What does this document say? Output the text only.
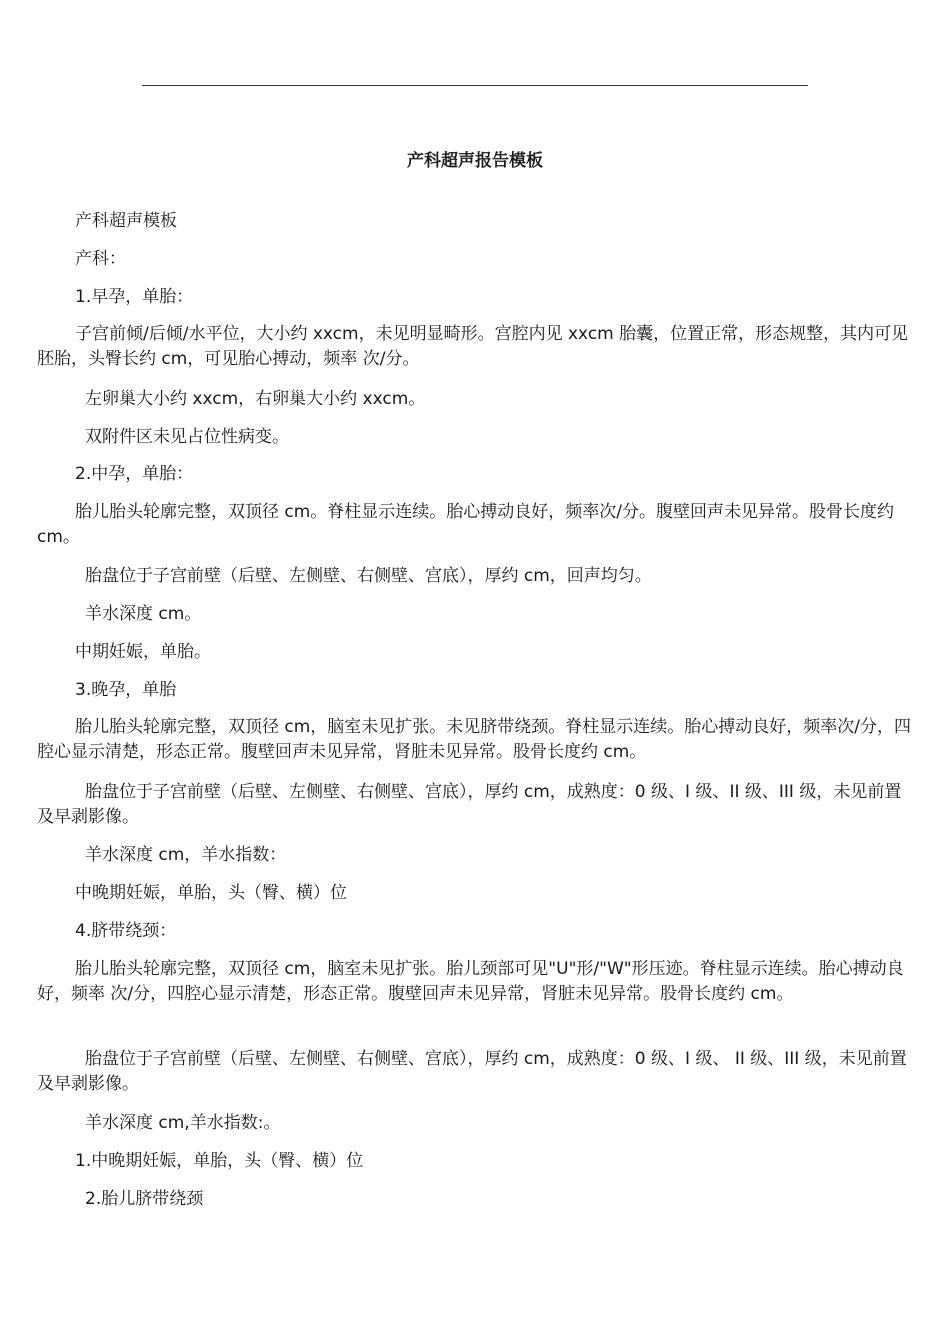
产科超声报告模板

产科超声模板

产科：

1.早孕，单胎：

子宫前倾/后倾/水平位，大小约 xxcm，未见明显畸形。宫腔内见 xxcm 胎囊，位置正常，形态规整，其内可见胚胎，头臀长约 cm，可见胎心搏动，频率 次/分。

左卵巢大小约 xxcm，右卵巢大小约 xxcm。

双附件区未见占位性病变。

2.中孕，单胎：

胎儿胎头轮廓完整，双顶径 cm。脊柱显示连续。胎心搏动良好，频率次/分。腹壁回声未见异常。股骨长度约 cm。

胎盘位于子宫前壁（后壁、左侧壁、右侧壁、宫底），厚约 cm，回声均匀。

羊水深度 cm。

中期妊娠，单胎。

3.晚孕，单胎

胎儿胎头轮廓完整，双顶径 cm，脑室未见扩张。未见脐带绕颈。脊柱显示连续。胎心搏动良好，频率次/分，四腔心显示清楚，形态正常。腹壁回声未见异常，肾脏未见异常。股骨长度约 cm。

胎盘位于子宫前壁（后壁、左侧壁、右侧壁、宫底），厚约 cm，成熟度：0 级、I 级、II 级、III 级，未见前置及早剥影像。

羊水深度 cm，羊水指数：

中晚期妊娠，单胎，头（臀、横）位

4.脐带绕颈：

胎儿胎头轮廓完整，双顶径 cm，脑室未见扩张。胎儿颈部可见"U"形/"W"形压迹。脊柱显示连续。胎心搏动良好，频率 次/分，四腔心显示清楚，形态正常。腹壁回声未见异常，肾脏未见异常。股骨长度约 cm。

胎盘位于子宫前壁（后壁、左侧壁、右侧壁、宫底），厚约 cm，成熟度：0 级、I 级、 II 级、III 级，未见前置及早剥影像。

羊水深度 cm,羊水指数:。

1.中晚期妊娠，单胎，头（臀、横）位

2.胎儿脐带绕颈
